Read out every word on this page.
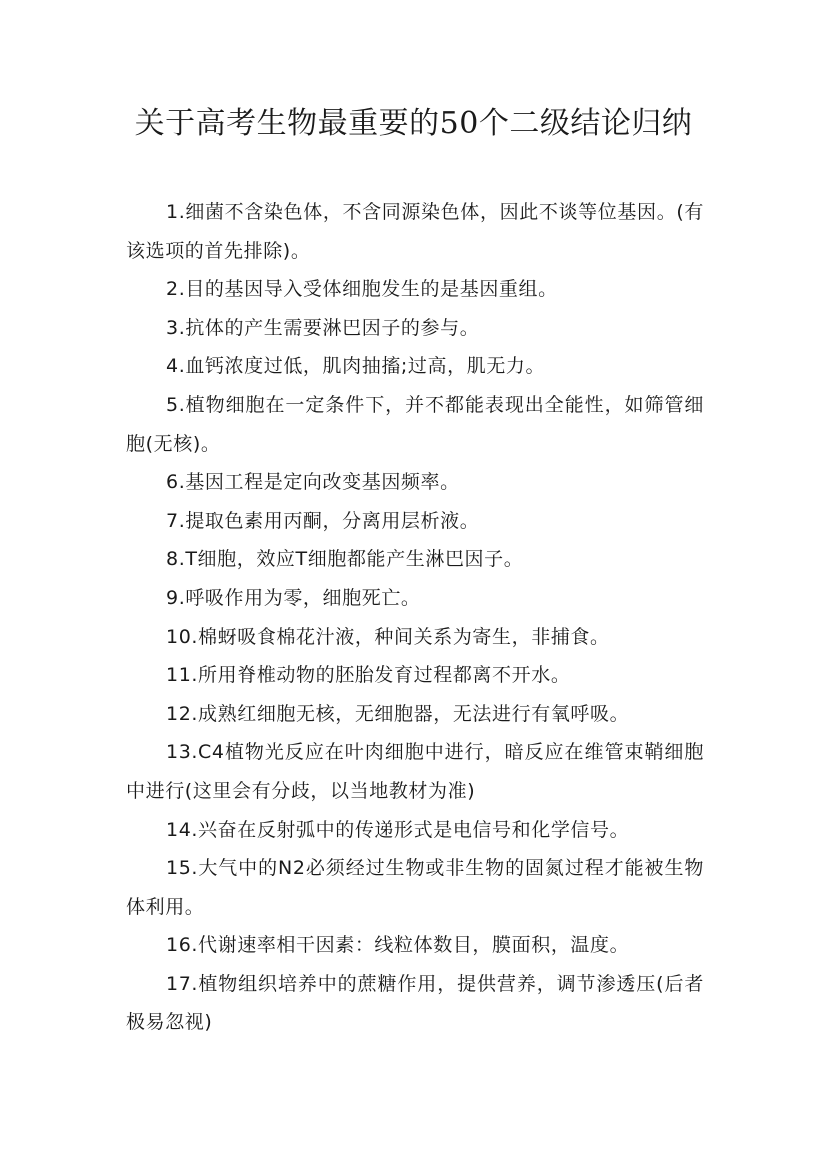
关于高考生物最重要的50个二级结论归纳

1.细菌不含染色体，不含同源染色体，因此不谈等位基因。(有该选项的首先排除)。

2.目的基因导入受体细胞发生的是基因重组。

3.抗体的产生需要淋巴因子的参与。

4.血钙浓度过低，肌肉抽搐;过高，肌无力。

5.植物细胞在一定条件下，并不都能表现出全能性，如筛管细胞(无核)。

6.基因工程是定向改变基因频率。

7.提取色素用丙酮，分离用层析液。

8.T细胞，效应T细胞都能产生淋巴因子。

9.呼吸作用为零，细胞死亡。

10.棉蚜吸食棉花汁液，种间关系为寄生，非捕食。

11.所用脊椎动物的胚胎发育过程都离不开水。

12.成熟红细胞无核，无细胞器，无法进行有氧呼吸。

13.C4植物光反应在叶肉细胞中进行，暗反应在维管束鞘细胞中进行(这里会有分歧，以当地教材为准)

14.兴奋在反射弧中的传递形式是电信号和化学信号。

15.大气中的N2必须经过生物或非生物的固氮过程才能被生物体利用。

16.代谢速率相干因素：线粒体数目，膜面积，温度。

17.植物组织培养中的蔗糖作用，提供营养，调节渗透压(后者极易忽视)
